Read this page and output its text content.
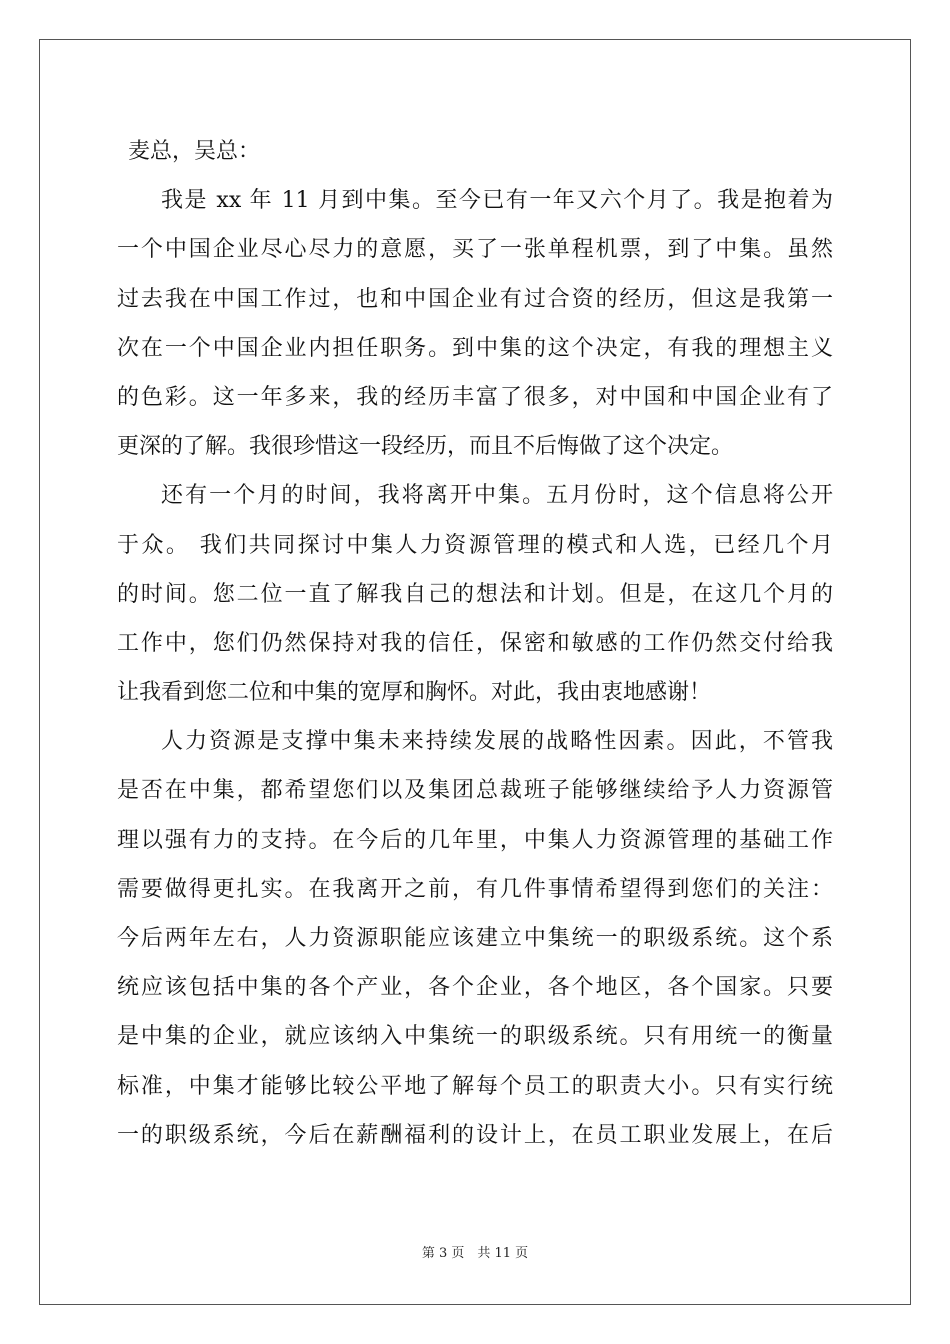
麦总，吴总：
我是 xx 年 11 月到中集。至今已有一年又六个月了。我是抱着为
一个中国企业尽心尽力的意愿，买了一张单程机票，到了中集。虽然
过去我在中国工作过，也和中国企业有过合资的经历，但这是我第一
次在一个中国企业内担任职务。到中集的这个决定，有我的理想主义
的色彩。这一年多来，我的经历丰富了很多，对中国和中国企业有了
更深的了解。我很珍惜这一段经历，而且不后悔做了这个决定。
还有一个月的时间，我将离开中集。五月份时，这个信息将公开
于众。 我们共同探讨中集人力资源管理的模式和人选，已经几个月
的时间。您二位一直了解我自己的想法和计划。但是，在这几个月的
工作中，您们仍然保持对我的信任，保密和敏感的工作仍然交付给我
让我看到您二位和中集的宽厚和胸怀。对此，我由衷地感谢！
人力资源是支撑中集未来持续发展的战略性因素。因此，不管我
是否在中集，都希望您们以及集团总裁班子能够继续给予人力资源管
理以强有力的支持。在今后的几年里，中集人力资源管理的基础工作
需要做得更扎实。在我离开之前，有几件事情希望得到您们的关注：
今后两年左右，人力资源职能应该建立中集统一的职级系统。这个系
统应该包括中集的各个产业，各个企业，各个地区，各个国家。只要
是中集的企业，就应该纳入中集统一的职级系统。只有用统一的衡量
标准，中集才能够比较公平地了解每个员工的职责大小。只有实行统
一的职级系统，今后在薪酬福利的设计上，在员工职业发展上，在后
第 3 页　共 11 页
